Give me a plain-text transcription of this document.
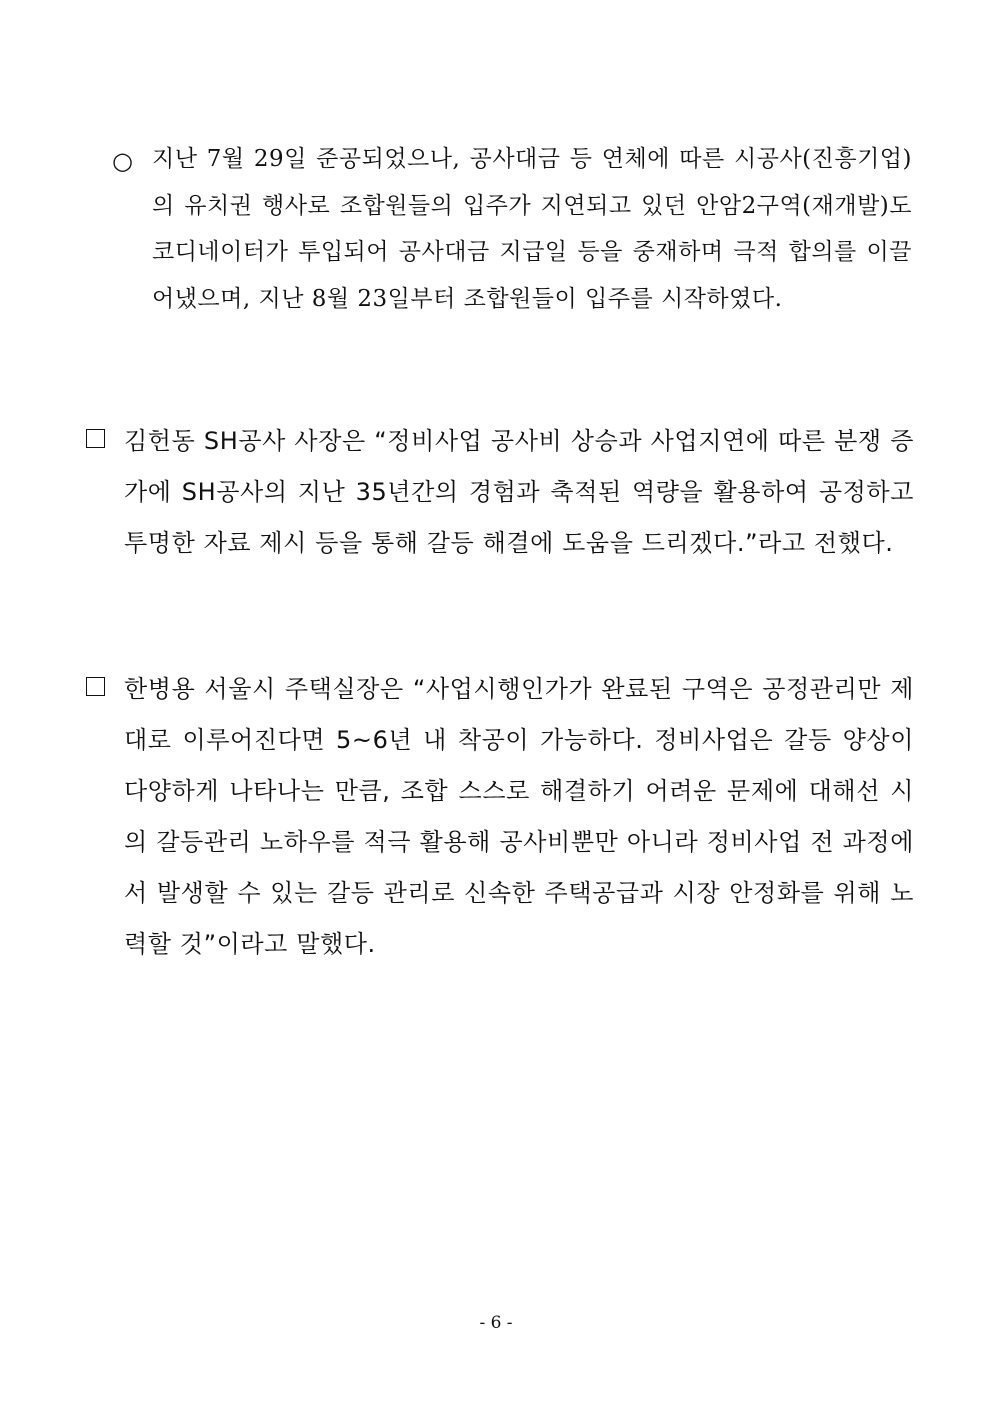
○ 지난 7월 29일 준공되었으나, 공사대금 등 연체에 따른 시공사(진흥기업)의 유치권 행사로 조합원들의 입주가 지연되고 있던 안암2구역(재개발)도 코디네이터가 투입되어 공사대금 지급일 등을 중재하며 극적 합의를 이끌어냈으며, 지난 8월 23일부터 조합원들이 입주를 시작하였다.
김헌동 SH공사 사장은 “정비사업 공사비 상승과 사업지연에 따른 분쟁 증가에 SH공사의 지난 35년간의 경험과 축적된 역량을 활용하여 공정하고 투명한 자료 제시 등을 통해 갈등 해결에 도움을 드리겠다.”라고 전했다.
한병용 서울시 주택실장은 “사업시행인가가 완료된 구역은 공정관리만 제대로 이루어진다면 5~6년 내 착공이 가능하다. 정비사업은 갈등 양상이 다양하게 나타나는 만큼, 조합 스스로 해결하기 어려운 문제에 대해선 시의 갈등관리 노하우를 적극 활용해 공사비뿐만 아니라 정비사업 전 과정에서 발생할 수 있는 갈등 관리로 신속한 주택공급과 시장 안정화를 위해 노력할 것”이라고 말했다.
- 6 -
